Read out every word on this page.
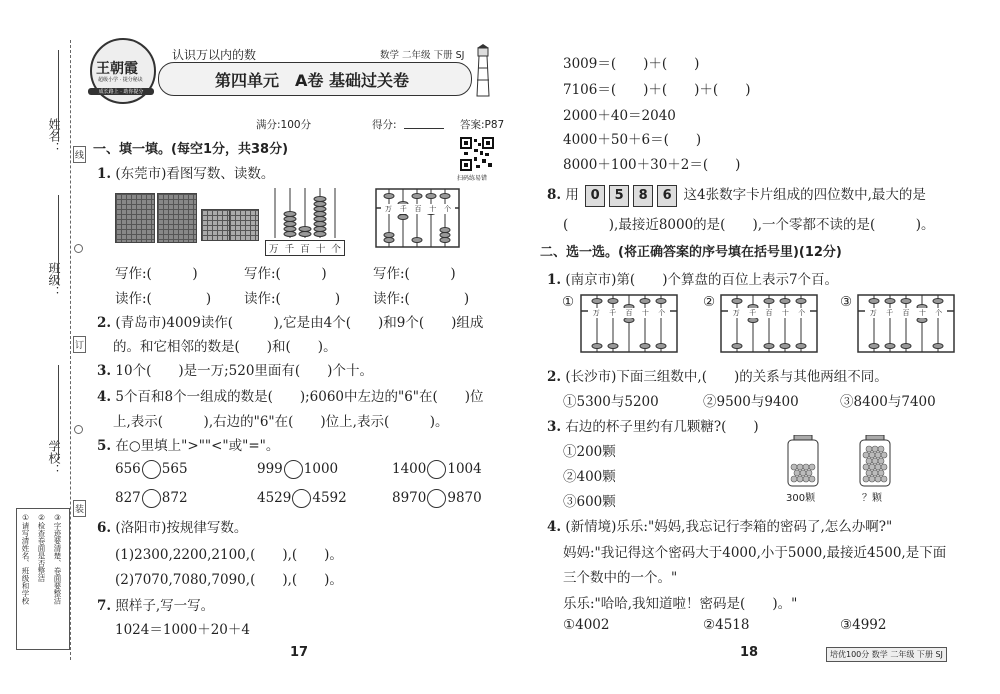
姓名：
班级：
学校：
线
订
装
①请写清姓名、班级和学校 ②检查卷面是否整洁 ③字迹要清楚、卷面要整洁
王朝霞
超级小学 · 提分秘诀
成长路上 · 助你提分
认识万以内的数	数学 二年级 下册 SJ
第四单元　A卷 基础过关卷
满分:100分	得分:	答案:P87
扫码练易错
一、填一填。(每空1分，共38分)
1. (东莞市)看图写数、读数。
万 千 百 十 个
万 千 百 十 个
写作:(　　　)	写作:(　　　)	写作:(　　　)
读作:(　　　　) 读作:(　　　　) 读作:(　　　　)
2. (青岛市)4009读作(　　　),它是由4个(　　)和9个(　　)组成
的。和它相邻的数是(　　)和(　　)。
3. 10个(　　)是一万;520里面有(　　)个十。
4. 5个百和8个一组成的数是(　　);6060中左边的"6"在(　　)位
上,表示(　　　),右边的"6"在(　　)位上,表示(　　　)。
5. 在○里填上">""<"或"="。
656 565	999 1000	1400 1004
827 872	4529 4592	8970 9870
6. (洛阳市)按规律写数。
(1)2300,2200,2100,(　　),(　　)。
(2)7070,7080,7090,(　　),(　　)。
7. 照样子,写一写。
1024＝1000＋20＋4
17
3009＝(　　)＋(　　)
7106＝(　　)＋(　　)＋(　　)
2000＋40＝2040
4000＋50＋6＝(　　)
8000＋100＋30＋2＝(　　)
8. 用 0 5 8 6 这4张数字卡片组成的四位数中,最大的是
(　　　),最接近8000的是(　　),一个零都不读的是(　　　)。
二、选一选。(将正确答案的序号填在括号里)(12分)
1. (南京市)第(　　)个算盘的百位上表示7个百。
①
万 千 百 十 个
②
万 千 百 十 个
③
万 千 百 十 个
2. (长沙市)下面三组数中,(　　)的关系与其他两组不同。
①5300与5200	②9500与9400	③8400与7400
3. 右边的杯子里约有几颗糖?(　　)
①200颗
②400颗
③600颗	300颗	？颗
4. (新情境)乐乐:"妈妈,我忘记行李箱的密码了,怎么办啊?"
妈妈:"我记得这个密码大于4000,小于5000,最接近4500,是下面
三个数中的一个。"
乐乐:"哈哈,我知道啦！密码是(　　)。"
①4002	②4518	③4992
18	培优100分 数学 二年级 下册 SJ
